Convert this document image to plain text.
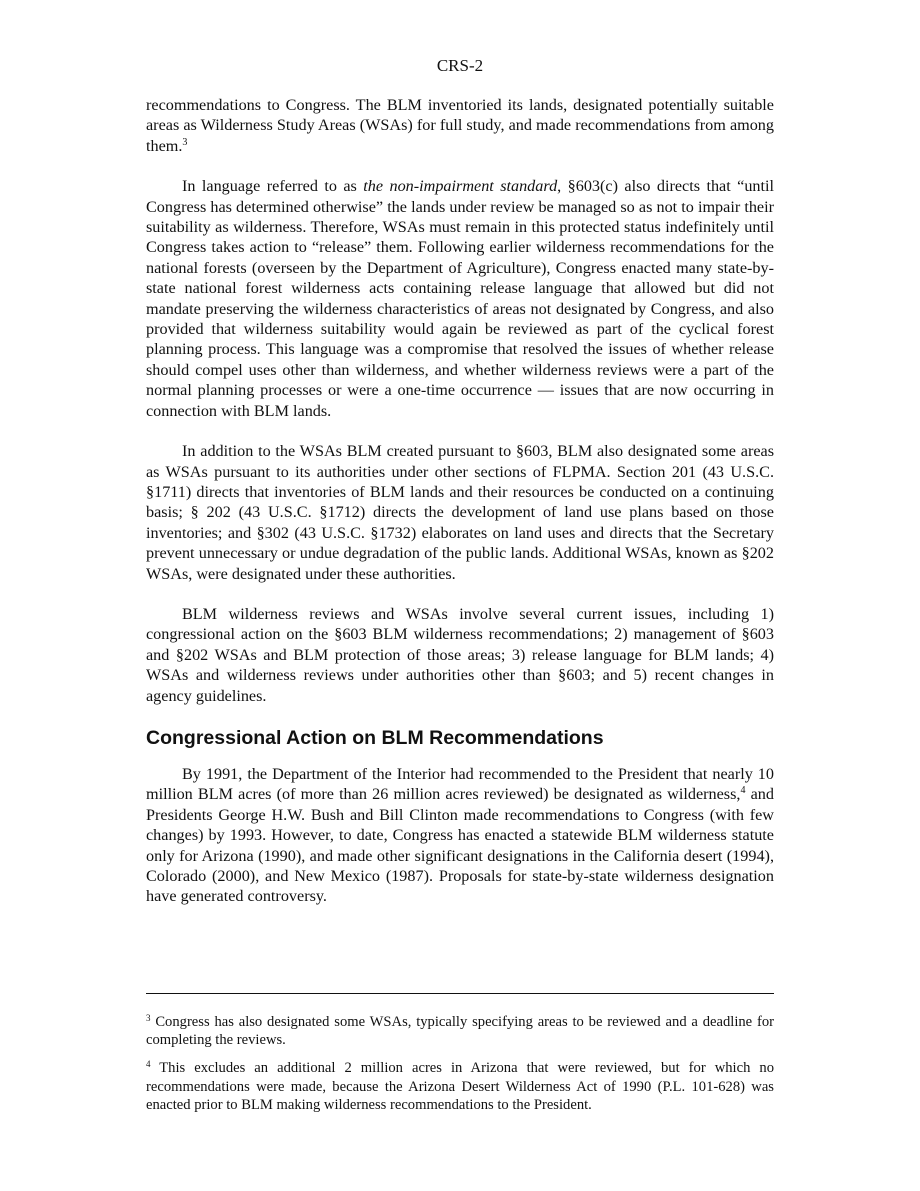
CRS-2

recommendations to Congress. The BLM inventoried its lands, designated potentially suitable areas as Wilderness Study Areas (WSAs) for full study, and made recommendations from among them.$^3$

In language referred to as the non-impairment standard, §603(c) also directs that “until Congress has determined otherwise” the lands under review be managed so as not to impair their suitability as wilderness. Therefore, WSAs must remain in this protected status indefinitely until Congress takes action to “release” them. Following earlier wilderness recommendations for the national forests (overseen by the Department of Agriculture), Congress enacted many state-by-state national forest wilderness acts containing release language that allowed but did not mandate preserving the wilderness characteristics of areas not designated by Congress, and also provided that wilderness suitability would again be reviewed as part of the cyclical forest planning process. This language was a compromise that resolved the issues of whether release should compel uses other than wilderness, and whether wilderness reviews were a part of the normal planning processes or were a one-time occurrence — issues that are now occurring in connection with BLM lands.

In addition to the WSAs BLM created pursuant to §603, BLM also designated some areas as WSAs pursuant to its authorities under other sections of FLPMA. Section 201 (43 U.S.C. §1711) directs that inventories of BLM lands and their resources be conducted on a continuing basis; § 202 (43 U.S.C. §1712) directs the development of land use plans based on those inventories; and §302 (43 U.S.C. §1732) elaborates on land uses and directs that the Secretary prevent unnecessary or undue degradation of the public lands. Additional WSAs, known as §202 WSAs, were designated under these authorities.

BLM wilderness reviews and WSAs involve several current issues, including 1) congressional action on the §603 BLM wilderness recommendations; 2) management of §603 and §202 WSAs and BLM protection of those areas; 3) release language for BLM lands; 4) WSAs and wilderness reviews under authorities other than §603; and 5) recent changes in agency guidelines.

Congressional Action on BLM Recommendations

By 1991, the Department of the Interior had recommended to the President that nearly 10 million BLM acres (of more than 26 million acres reviewed) be designated as wilderness,$^4$ and Presidents George H.W. Bush and Bill Clinton made recommendations to Congress (with few changes) by 1993. However, to date, Congress has enacted a statewide BLM wilderness statute only for Arizona (1990), and made other significant designations in the California desert (1994), Colorado (2000), and New Mexico (1987). Proposals for state-by-state wilderness designation have generated controversy.

$^3$ Congress has also designated some WSAs, typically specifying areas to be reviewed and a deadline for completing the reviews.

$^4$ This excludes an additional 2 million acres in Arizona that were reviewed, but for which no recommendations were made, because the Arizona Desert Wilderness Act of 1990 (P.L. 101-628) was enacted prior to BLM making wilderness recommendations to the President.
